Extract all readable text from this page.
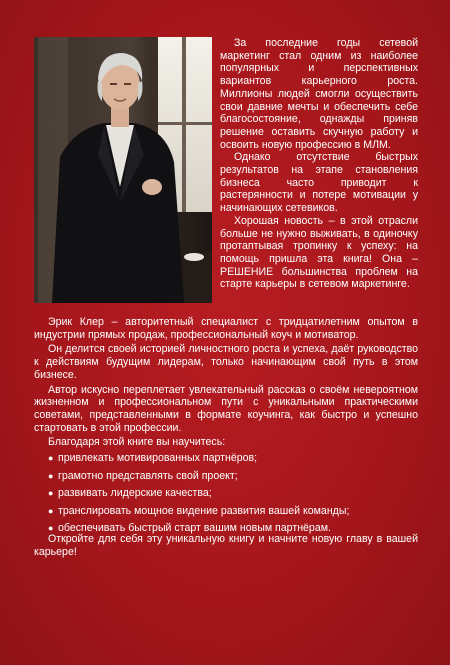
За последние годы сетевой маркетинг стал одним из наиболее популярных и перспективных вариантов карьерного роста. Миллионы людей смогли осуществить свои давние мечты и обеспечить себе благосостояние, однажды приняв решение оставить скучную работу и освоить новую профессию в МЛМ.

Однако отсутствие быстрых результатов на этапе становления бизнеса часто приводит к растерянности и потере мотивации у начинающих сетевиков.

Хорошая новость – в этой отрасли больше не нужно выживать, в одиночку протаптывая тропинку к успеху: на помощь пришла эта книга! Она – РЕШЕНИЕ большинства проблем на старте карьеры в сетевом маркетинге.

Эрик Клер – авторитетный специалист с тридцатилетним опытом в индустрии прямых продаж, профессиональный коуч и мотиватор.

Он делится своей историей личностного роста и успеха, даёт руководство к действиям будущим лидерам, только начинающим свой путь в этом бизнесе.

Автор искусно переплетает увлекательный рассказ о своём невероятном жизненном и профессиональном пути с уникальными практическими советами, представленными в формате коучинга, как быстро и успешно стартовать в этой профессии.

Благодаря этой книге вы научитесь:

● привлекать мотивированных партнёров;
● грамотно представлять свой проект;
● развивать лидерские качества;
● транслировать мощное видение развития вашей команды;
● обеспечивать быстрый старт вашим новым партнёрам.

Откройте для себя эту уникальную книгу и начните новую главу в вашей карьере!
